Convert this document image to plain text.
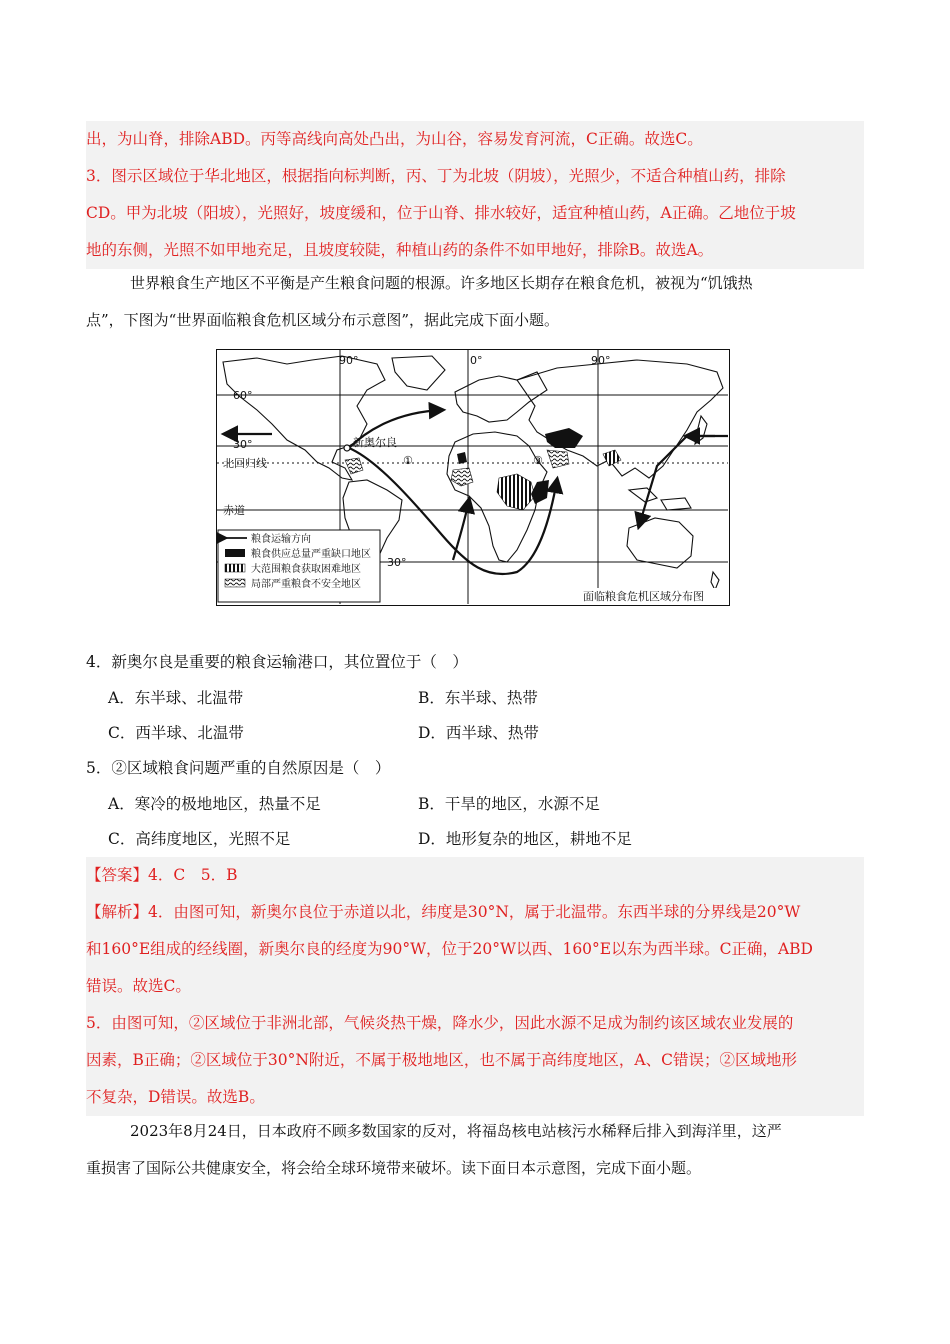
出，为山脊，排除ABD。丙等高线向高处凸出，为山谷，容易发育河流，C正确。故选C。

3．图示区域位于华北地区，根据指向标判断，丙、丁为北坡（阴坡），光照少，不适合种植山药，排除

CD。甲为北坡（阳坡），光照好，坡度缓和，位于山脊、排水较好，适宜种植山药，A正确。乙地位于坡

地的东侧，光照不如甲地充足，且坡度较陡，种植山药的条件不如甲地好，排除B。故选A。

世界粮食生产地区不平衡是产生粮食问题的根源。许多地区长期存在粮食危机，被视为“饥饿热
点”，下图为“世界面临粮食危机区域分布示意图”，据此完成下面小题。
90°	0°	90°
60°
30°
北回归线
赤道
30°
新奥尔良
①	③
粮食运输方向
粮食供应总量严重缺口地区
大范围粮食获取困难地区
局部严重粮食不安全地区
面临粮食危机区域分布图
4．新奥尔良是重要的粮食运输港口，其位置位于（　）
A．东半球、北温带	B．东半球、热带
C．西半球、北温带	D．西半球、热带
5．②区域粮食问题严重的自然原因是（　）
A．寒冷的极地地区，热量不足	B．干旱的地区，水源不足
C．高纬度地区，光照不足	D．地形复杂的地区，耕地不足

【答案】4．C　5．B

【解析】4．由图可知，新奥尔良位于赤道以北，纬度是30°N，属于北温带。东西半球的分界线是20°W

和160°E组成的经线圈，新奥尔良的经度为90°W，位于20°W以西、160°E以东为西半球。C正确，ABD

错误。故选C。

5．由图可知，②区域位于非洲北部，气候炎热干燥，降水少，因此水源不足成为制约该区域农业发展的

因素，B正确；②区域位于30°N附近，不属于极地地区，也不属于高纬度地区，A、C错误；②区域地形

不复杂，D错误。故选B。

2023年8月24日，日本政府不顾多数国家的反对，将福岛核电站核污水稀释后排入到海洋里，这严
重损害了国际公共健康安全，将会给全球环境带来破坏。读下面日本示意图，完成下面小题。
